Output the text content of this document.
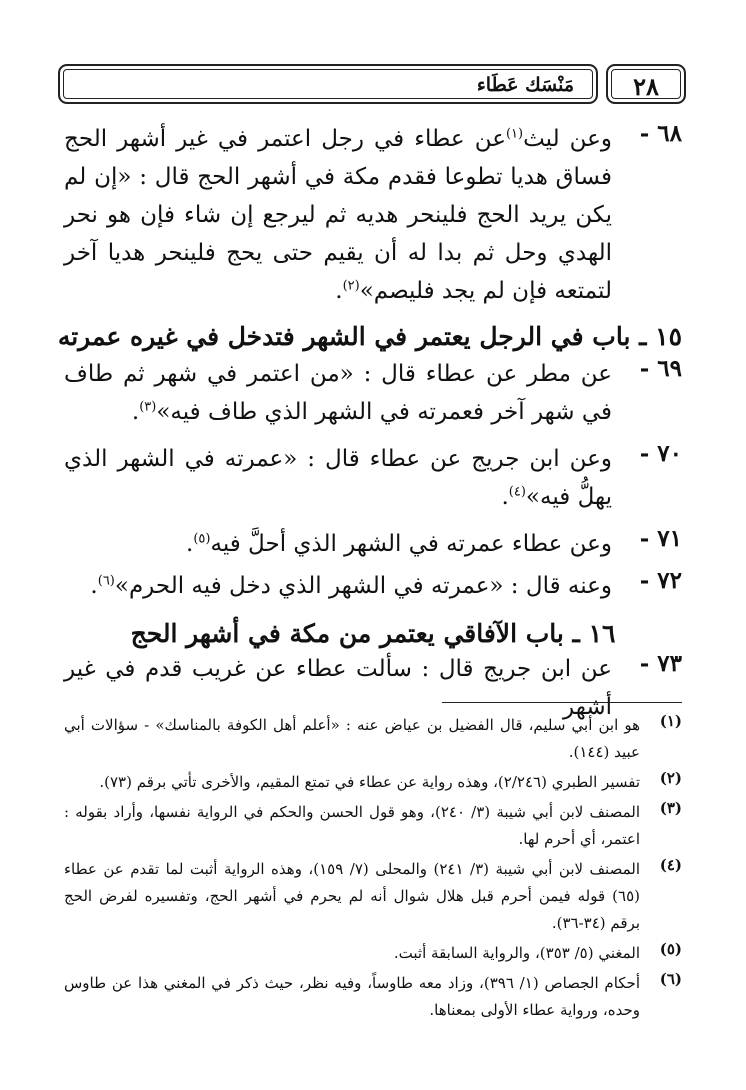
مَنْسَك عَطَاء	٢٨
٦٨ -
وعن ليث$^{(١)}$عن عطاء في رجل اعتمر في غير أشهر الحج فساق هديا تطوعا فقدم مكة في أشهر الحج قال : «إن لم يكن يريد الحج فلينحر هديه ثم ليرجع إن شاء فإن هو نحر الهدي وحل ثم بدا له أن يقيم حتى يحج فلينحر هديا آخر لتمتعه فإن لم يجد فليصم»$^{(٢)}$.

١٥ ـ باب في الرجل يعتمر في الشهر فتدخل في غيره عمرته

٦٩ -
عن مطر عن عطاء قال : «من اعتمر في شهر ثم طاف في شهر آخر فعمرته في الشهر الذي طاف فيه»$^{(٣)}$.
٧٠ -
وعن ابن جريج عن عطاء قال : «عمرته في الشهر الذي يهلُّ فيه»$^{(٤)}$.
٧١ -
وعن عطاء عمرته في الشهر الذي أحلَّ فيه$^{(٥)}$.
٧٢ -
وعنه قال : «عمرته في الشهر الذي دخل فيه الحرم»$^{(٦)}$.

١٦ ـ باب الآفاقي يعتمر من مكة في أشهر الحج

٧٣ -
عن ابن جريج قال : سألت عطاء عن غريب قدم في غير أشهر
(١)
هو ابن أبي سليم، قال الفضيل بن عياض عنه : «أعلم أهل الكوفة بالمناسك» - سؤالات أبي عبيد (١٤٤).
(٢)
تفسير الطبري (٢/٢٤٦)، وهذه رواية عن عطاء في تمتع المقيم، والأخرى تأتي برقم (٧٣).
(٣)
المصنف لابن أبي شيبة (٣/ ٢٤٠)، وهو قول الحسن والحكم في الرواية نفسها، وأراد بقوله : اعتمر، أي أحرم لها.
(٤)
المصنف لابن أبي شيبة (٣/ ٢٤١) والمحلى (٧/ ١٥٩)، وهذه الرواية أثبت لما تقدم عن عطاء (٦٥) قوله فيمن أحرم قبل هلال شوال أنه لم يحرم في أشهر الحج، وتفسيره لفرض الحج برقم (٣٤-٣٦).
(٥)
المغني (٥/ ٣٥٣)، والرواية السابقة أثبت.
(٦)
أحكام الجصاص (١/ ٣٩٦)، وزاد معه طاوساً، وفيه نظر، حيث ذكر في المغني هذا عن طاوس وحده، ورواية عطاء الأولى بمعناها.
